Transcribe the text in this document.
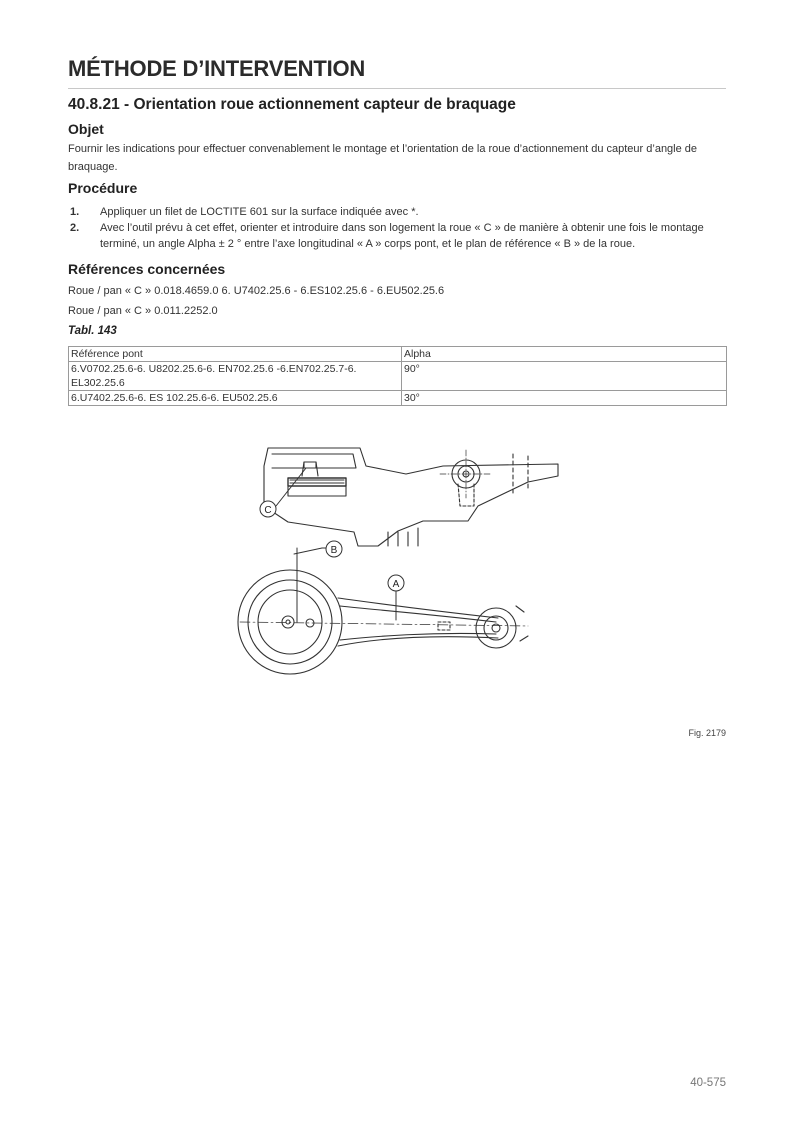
MÉTHODE D’INTERVENTION
40.8.21 - Orientation roue actionnement capteur de braquage
Objet
Fournir les indications pour effectuer convenablement le montage et l’orientation de la roue d’actionnement du capteur d’angle de braquage.
Procédure
1. Appliquer un filet de LOCTITE 601 sur la surface indiquée avec *.
2. Avec l’outil prévu à cet effet, orienter et introduire dans son logement la roue « C » de manière à obtenir une fois le montage terminé, un angle Alpha ± 2 ° entre l’axe longitudinal « A » corps pont, et le plan de référence « B » de la roue.
Références concernées
Roue / pan « C » 0.018.4659.0 6. U7402.25.6 - 6.ES102.25.6 - 6.EU502.25.6
Roue / pan « C » 0.011.2252.0
Tabl. 143
Référence pont	Alpha
6.V0702.25.6-6. U8202.25.6-6. EN702.25.6 -6.EN702.25.7-6. EL302.25.6	90°
6.U7402.25.6-6. ES 102.25.6-6. EU502.25.6	30°
C
B
A
Fig. 2179
40-575
